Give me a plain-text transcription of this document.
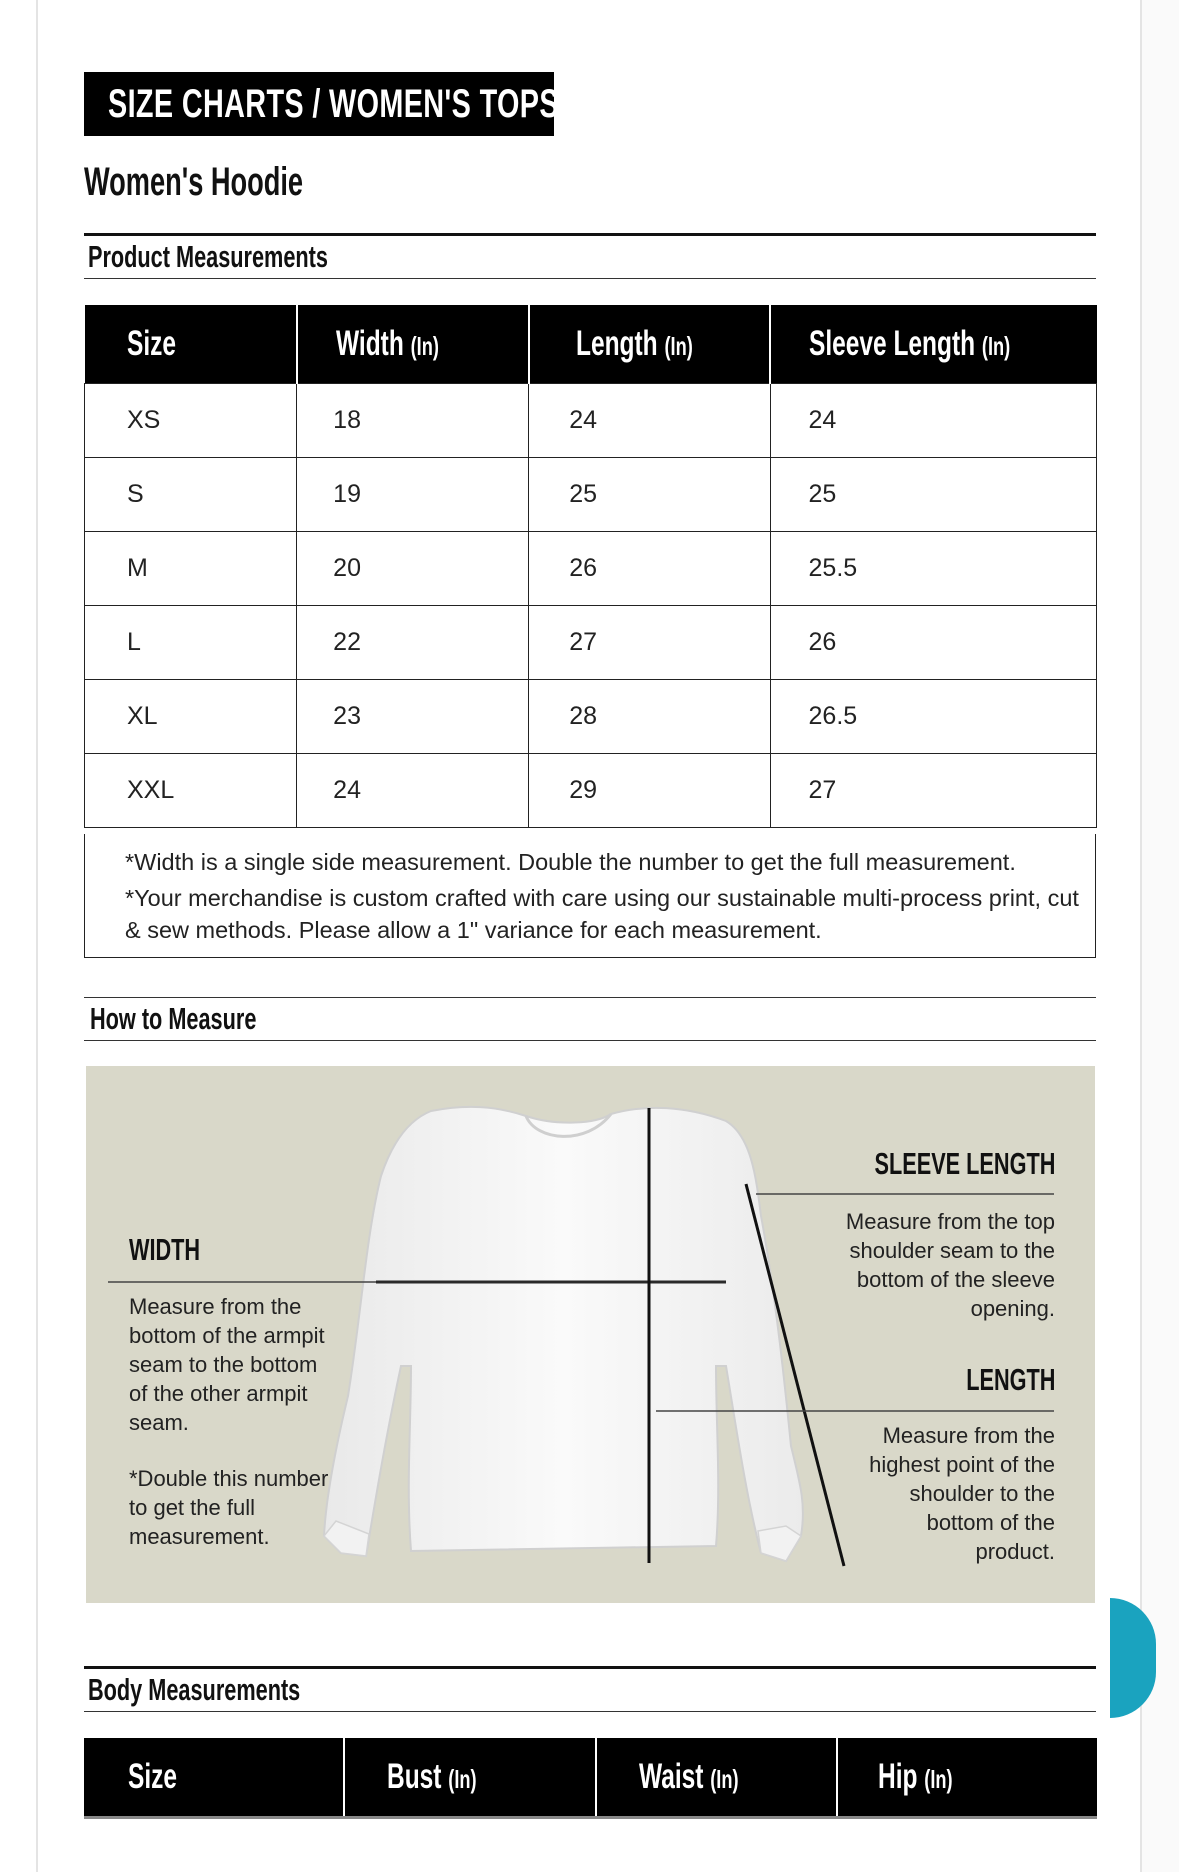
SIZE CHARTS / WOMEN'S TOPS
Women's Hoodie
Product Measurements
Size	Width (In)	Length (In)	Sleeve Length (In)
XS	18	24	24
S	19	25	25
M	20	26	25.5
L	22	27	26
XL	23	28	26.5
XXL	24	29	27

*Width is a single side measurement. Double the number to get the full measurement.

*Your merchandise is custom crafted with care using our sustainable multi-process print, cut & sew methods. Please allow a 1" variance for each measurement.

How to Measure
WIDTH

Measure from the

bottom of the armpit

seam to the bottom

of the other armpit

seam.

*Double this number

to get the full

measurement.

SLEEVE LENGTH

Measure from the top

shoulder seam to the

bottom of the sleeve

opening.

LENGTH

Measure from the

highest point of the

shoulder to the

bottom of the

product.

Body Measurements
Size	Bust (In)	Waist (In)	Hip (In)
